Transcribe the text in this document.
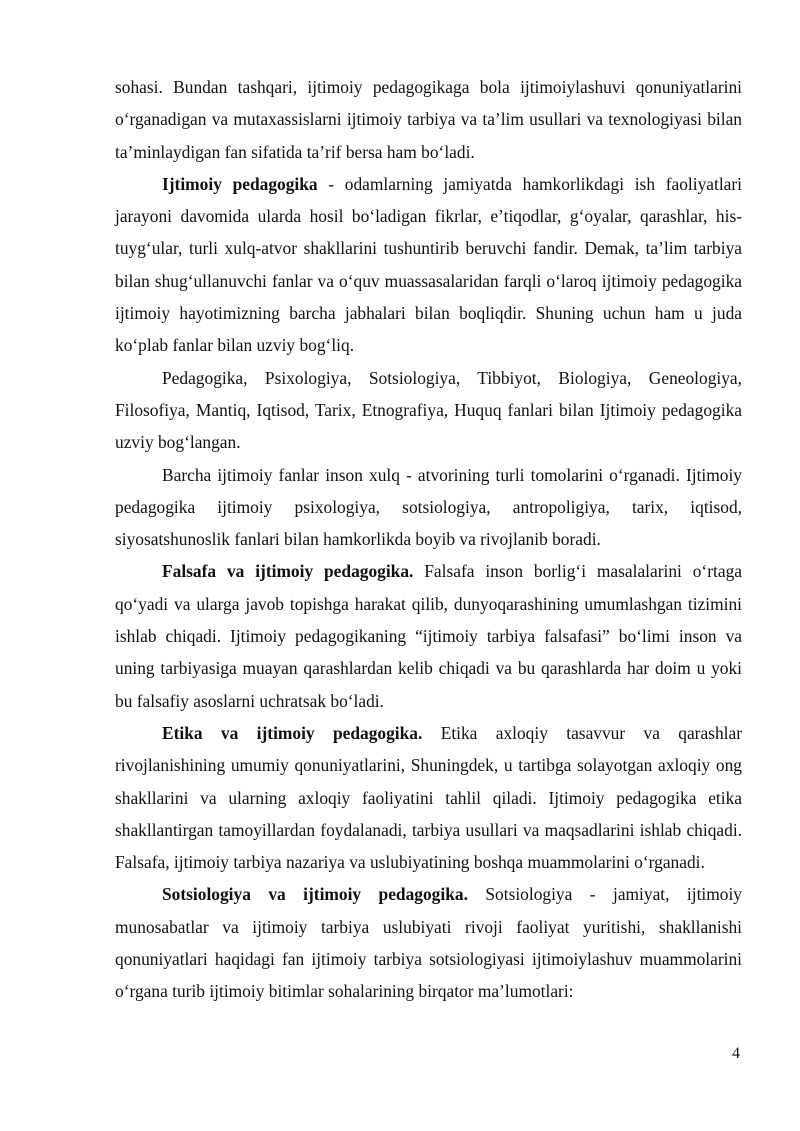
sohasi. Bundan tashqari, ijtimoiy pedagogikaga bola ijtimoiylashuvi qonuniyatlarini o‘rganadigan va mutaxassislarni ijtimoiy tarbiya va ta’lim usullari va texnologiyasi bilan ta’minlaydigan fan sifatida ta’rif bersa ham bo‘ladi.

Ijtimoiy pedagogika - odamlarning jamiyatda hamkorlikdagi ish faoliyatlari jarayoni davomida ularda hosil bo‘ladigan fikrlar, e’tiqodlar, g‘oyalar, qarashlar, his-tuyg‘ular, turli xulq-atvor shakllarini tushuntirib beruvchi fandir. Demak, ta’lim tarbiya bilan shug‘ullanuvchi fanlar va o‘quv muassasalaridan farqli o‘laroq ijtimoiy pedagogika ijtimoiy hayotimizning barcha jabhalari bilan boqliqdir. Shuning uchun ham u juda ko‘plab fanlar bilan uzviy bog‘liq.

Pedagogika, Psixologiya, Sotsiologiya, Tibbiyot, Biologiya, Geneologiya, Filosofiya, Mantiq, Iqtisod, Tarix, Etnografiya, Huquq fanlari bilan Ijtimoiy pedagogika uzviy bog‘langan.

Barcha ijtimoiy fanlar inson xulq - atvorining turli tomolarini o‘rganadi. Ijtimoiy pedagogika ijtimoiy psixologiya, sotsiologiya, antropoligiya, tarix, iqtisod, siyosatshunoslik fanlari bilan hamkorlikda boyib va rivojlanib boradi.

Falsafa va ijtimoiy pedagogika. Falsafa inson borlig‘i masalalarini o‘rtaga qo‘yadi va ularga javob topishga harakat qilib, dunyoqarashining umumlashgan tizimini ishlab chiqadi. Ijtimoiy pedagogikaning “ijtimoiy tarbiya falsafasi” bo‘limi inson va uning tarbiyasiga muayan qarashlardan kelib chiqadi va bu qarashlarda har doim u yoki bu falsafiy asoslarni uchratsak bo‘ladi.

Etika va ijtimoiy pedagogika. Etika axloqiy tasavvur va qarashlar rivojlanishining umumiy qonuniyatlarini, Shuningdek, u tartibga solayotgan axloqiy ong shakllarini va ularning axloqiy faoliyatini tahlil qiladi. Ijtimoiy pedagogika etika shakllantirgan tamoyillardan foydalanadi, tarbiya usullari va maqsadlarini ishlab chiqadi. Falsafa, ijtimoiy tarbiya nazariya va uslubiyatining boshqa muammolarini o‘rganadi.

Sotsiologiya va ijtimoiy pedagogika. Sotsiologiya - jamiyat, ijtimoiy munosabatlar va ijtimoiy tarbiya uslubiyati rivoji faoliyat yuritishi, shakllanishi qonuniyatlari haqidagi fan ijtimoiy tarbiya sotsiologiyasi ijtimoiylashuv muammolarini o‘rgana turib ijtimoiy bitimlar sohalarining birqator ma’lumotlari:

4
